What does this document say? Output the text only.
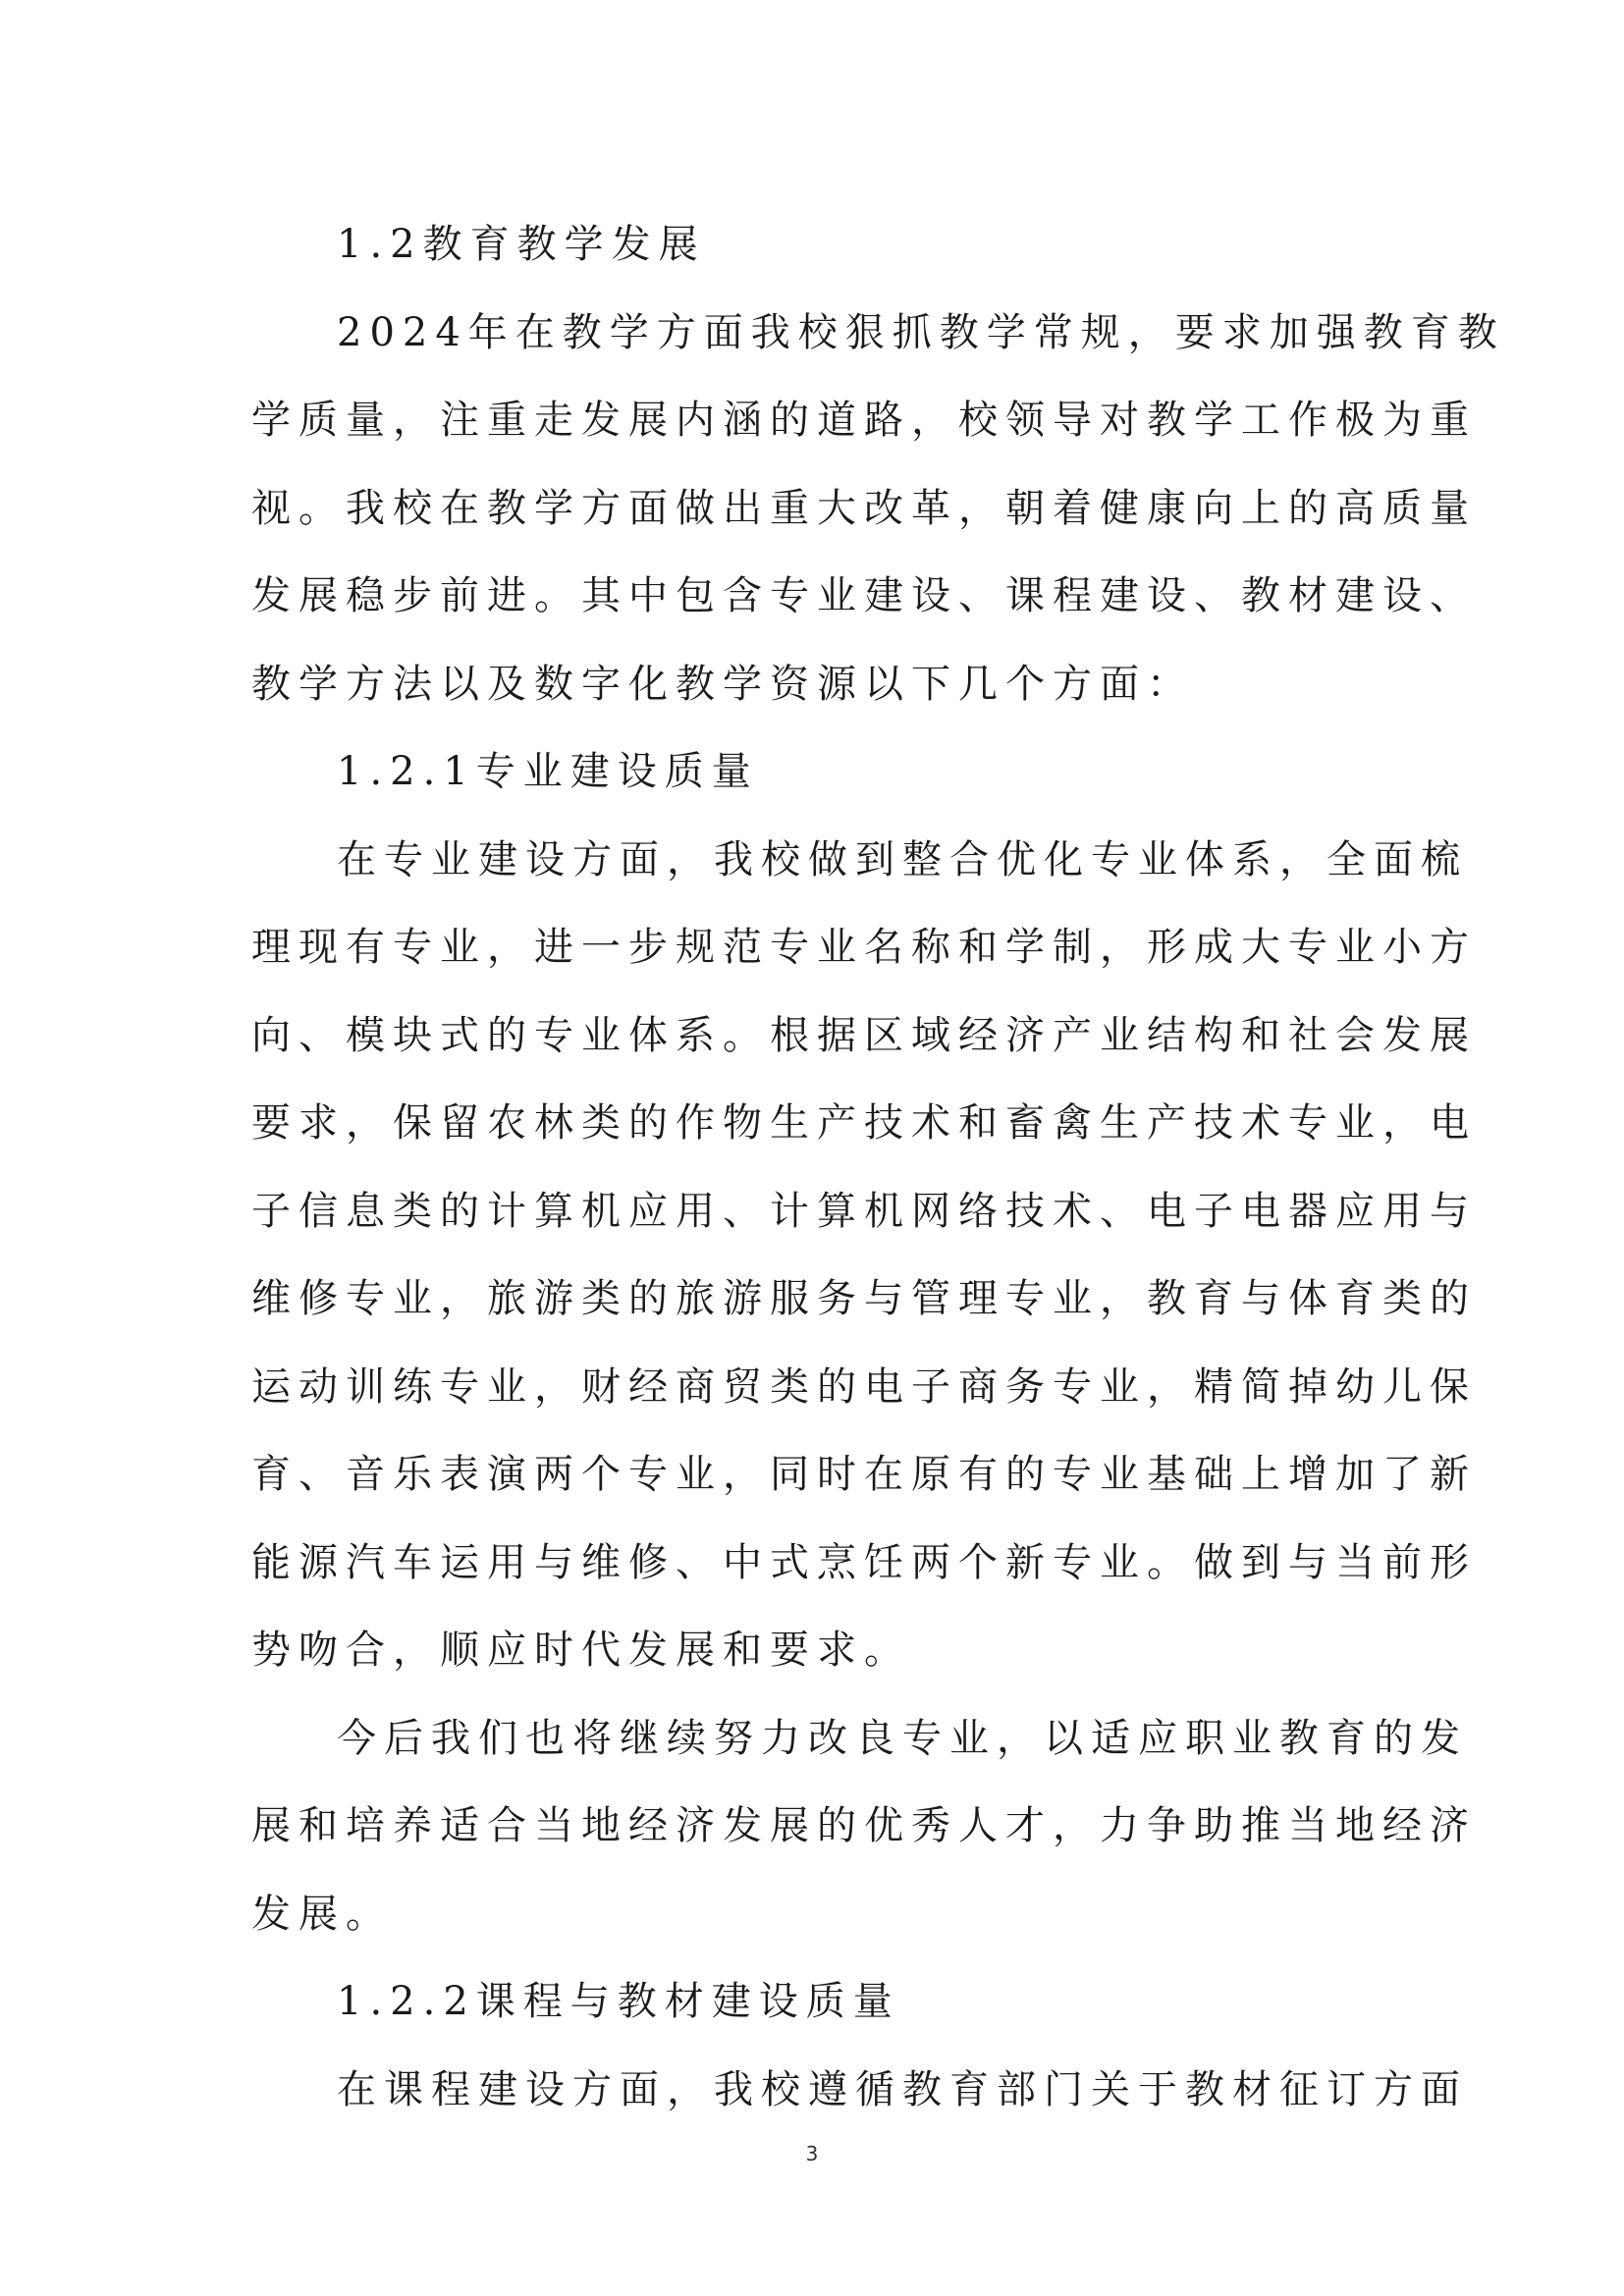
1.2教育教学发展
2024年在教学方面我校狠抓教学常规，要求加强教育教
学质量，注重走发展内涵的道路，校领导对教学工作极为重
视。我校在教学方面做出重大改革，朝着健康向上的高质量
发展稳步前进。其中包含专业建设、课程建设、教材建设、
教学方法以及数字化教学资源以下几个方面：
1.2.1专业建设质量
在专业建设方面，我校做到整合优化专业体系，全面梳
理现有专业，进一步规范专业名称和学制，形成大专业小方
向、模块式的专业体系。根据区域经济产业结构和社会发展
要求，保留农林类的作物生产技术和畜禽生产技术专业，电
子信息类的计算机应用、计算机网络技术、电子电器应用与
维修专业，旅游类的旅游服务与管理专业，教育与体育类的
运动训练专业，财经商贸类的电子商务专业，精简掉幼儿保
育、音乐表演两个专业，同时在原有的专业基础上增加了新
能源汽车运用与维修、中式烹饪两个新专业。做到与当前形
势吻合，顺应时代发展和要求。
今后我们也将继续努力改良专业，以适应职业教育的发
展和培养适合当地经济发展的优秀人才，力争助推当地经济
发展。
1.2.2课程与教材建设质量
在课程建设方面，我校遵循教育部门关于教材征订方面
3
